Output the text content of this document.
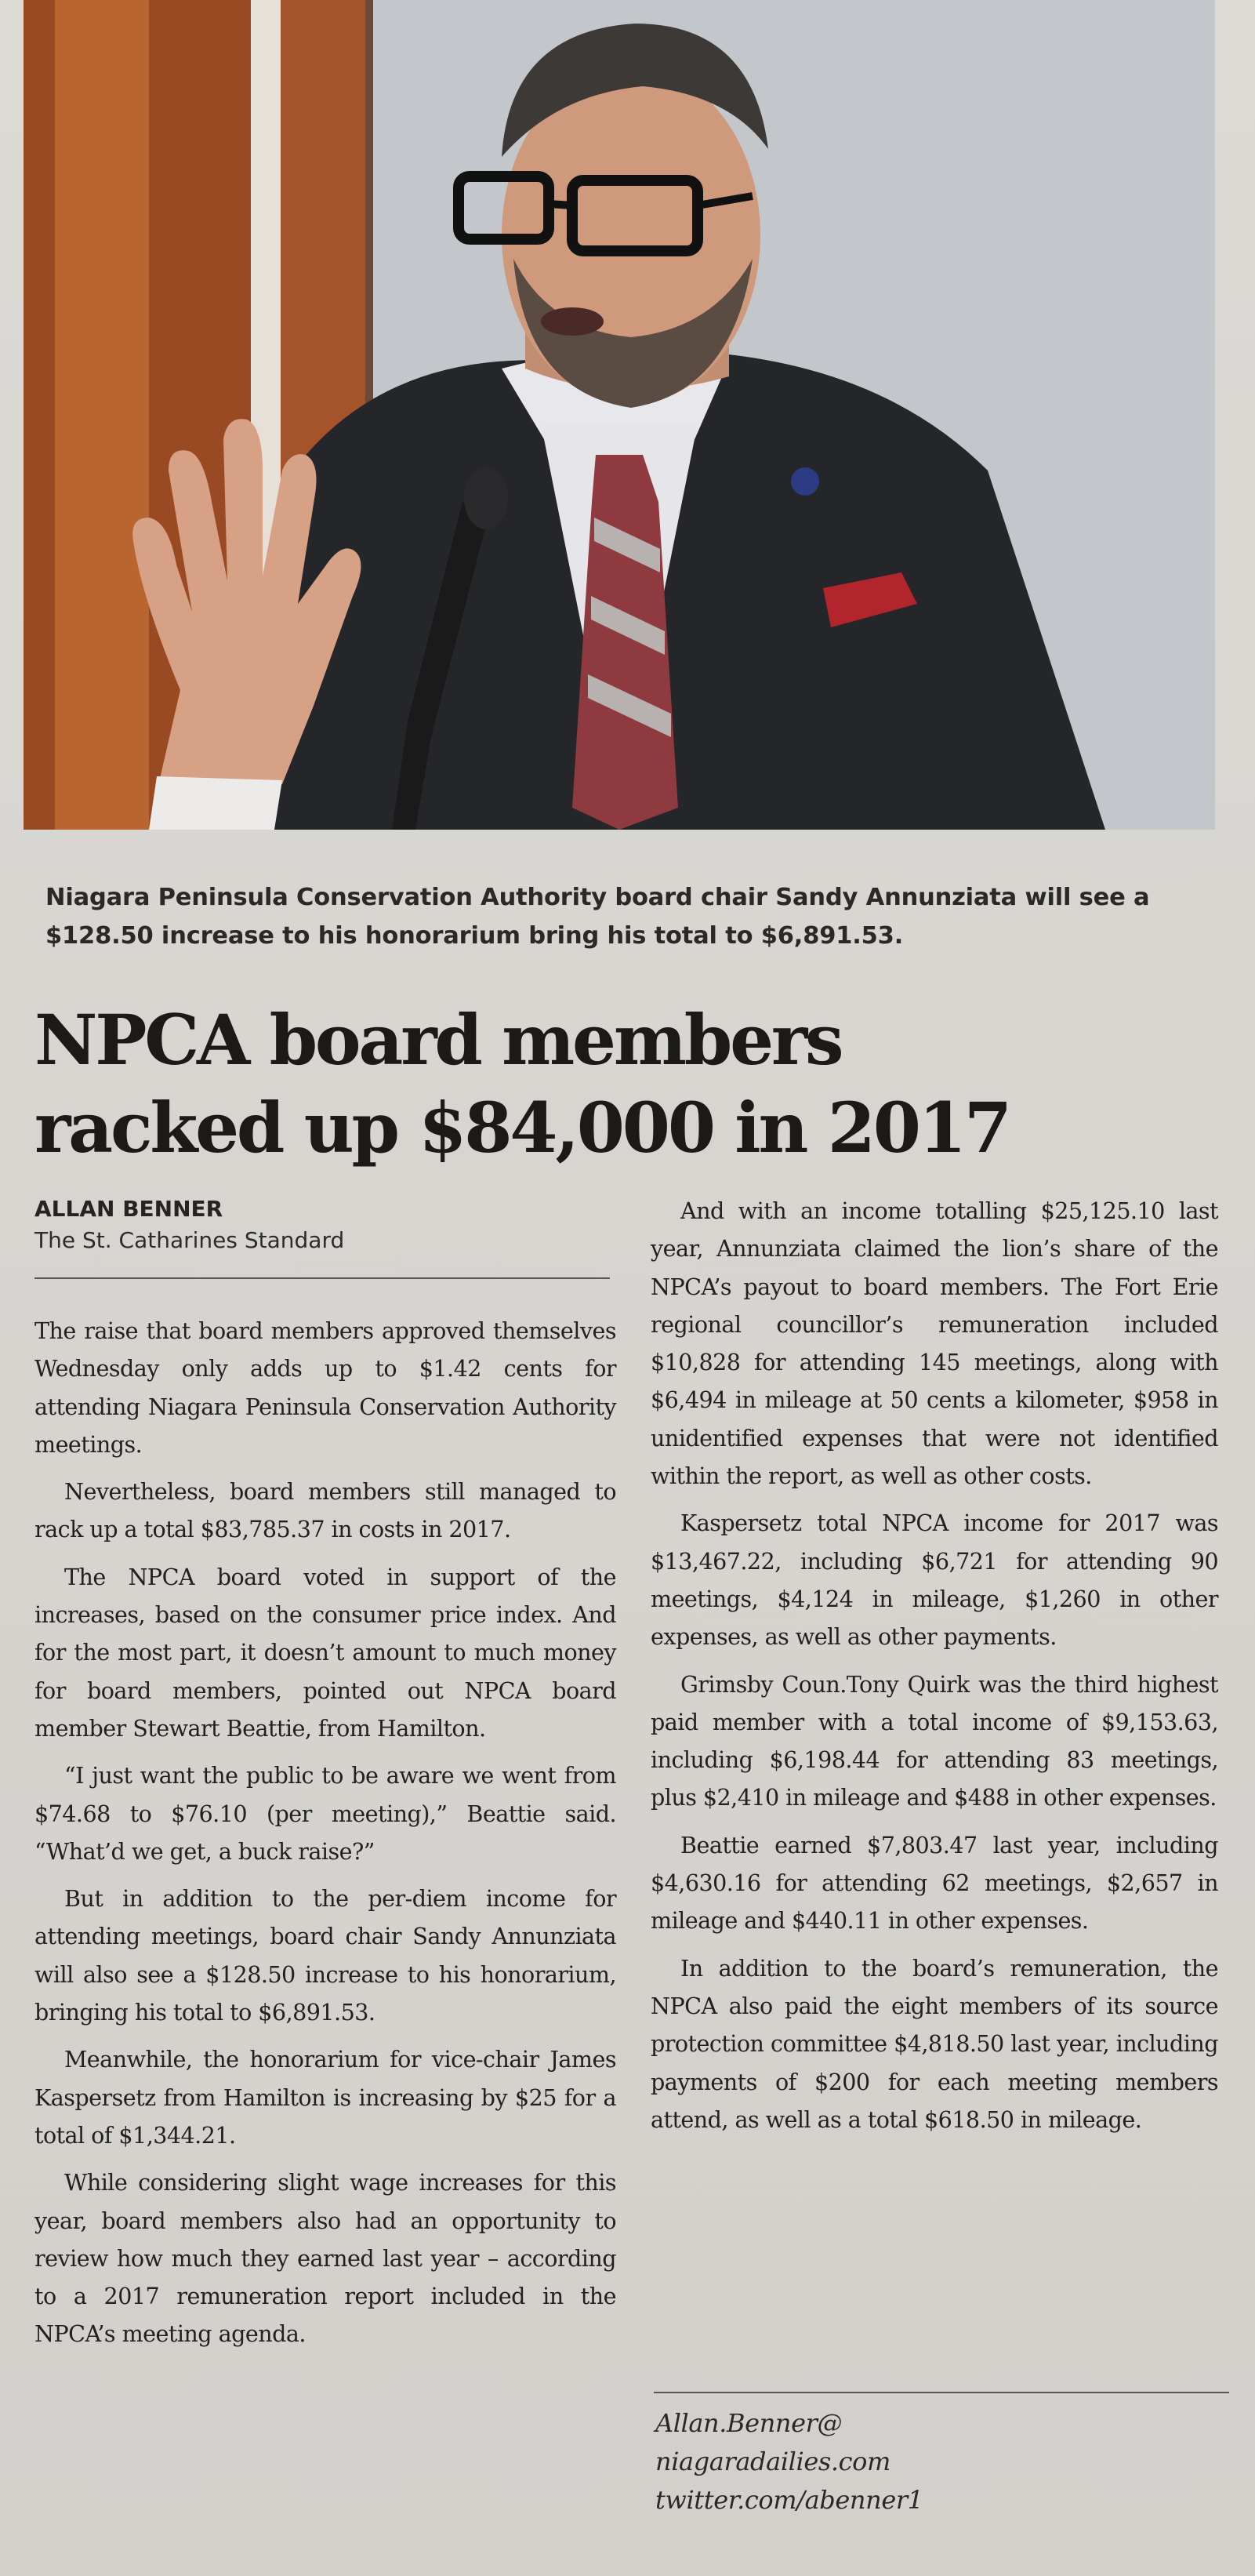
Niagara Peninsula Conservation Authority board chair Sandy Annunziata will see a $128.50 increase to his honorarium bring his total to $6,891.53.
NPCA board members
racked up $84,000 in 2017
ALLAN BENNER
The St. Catharines Standard

The raise that board members approved themselves Wednesday only adds up to $1.42 cents for attending Niagara Peninsula Conservation Authority meetings.

Nevertheless, board members still managed to rack up a total $83,785.37 in costs in 2017.

The NPCA board voted in support of the increases, based on the consumer price index. And for the most part, it doesn’t amount to much money for board members, pointed out NPCA board member Stewart Beattie, from Hamilton.

“I just want the public to be aware we went from $74.68 to $76.10 (per meeting),” Beattie said. “What’d we get, a buck raise?”

But in addition to the per-diem income for attending meetings, board chair Sandy Annunziata will also see a $128.50 increase to his honorarium, bringing his total to $6,891.53.

Meanwhile, the honorarium for vice-chair James Kaspersetz from Hamilton is increasing by $25 for a total of $1,344.21.

While considering slight wage increases for this year, board members also had an opportunity to review how much they earned last year – according to a 2017 remuneration report included in the NPCA’s meeting agenda.

And with an income totalling $25,125.10 last year, Annunziata claimed the lion’s share of the NPCA’s payout to board members. The Fort Erie regional councillor’s remuneration included $10,828 for attending 145 meetings, along with $6,494 in mileage at 50 cents a kilometer, $958 in unidentified expenses that were not identified within the report, as well as other costs.

Kaspersetz total NPCA income for 2017 was $13,467.22, including $6,721 for attending 90 meetings, $4,124 in mileage, $1,260 in other expenses, as well as other payments.

Grimsby Coun.Tony Quirk was the third highest paid member with a total income of $9,153.63, including $6,198.44 for attending 83 meetings, plus $2,410 in mileage and $488 in other expenses.

Beattie earned $7,803.47 last year, including $4,630.16 for attending 62 meetings, $2,657 in mileage and $440.11 in other expenses.

In addition to the board’s remuneration, the NPCA also paid the eight members of its source protection committee $4,818.50 last year, including payments of $200 for each meeting members attend, as well as a total $618.50 in mileage.

Allan.Benner@
niagaradailies.com
twitter.com/abenner1
